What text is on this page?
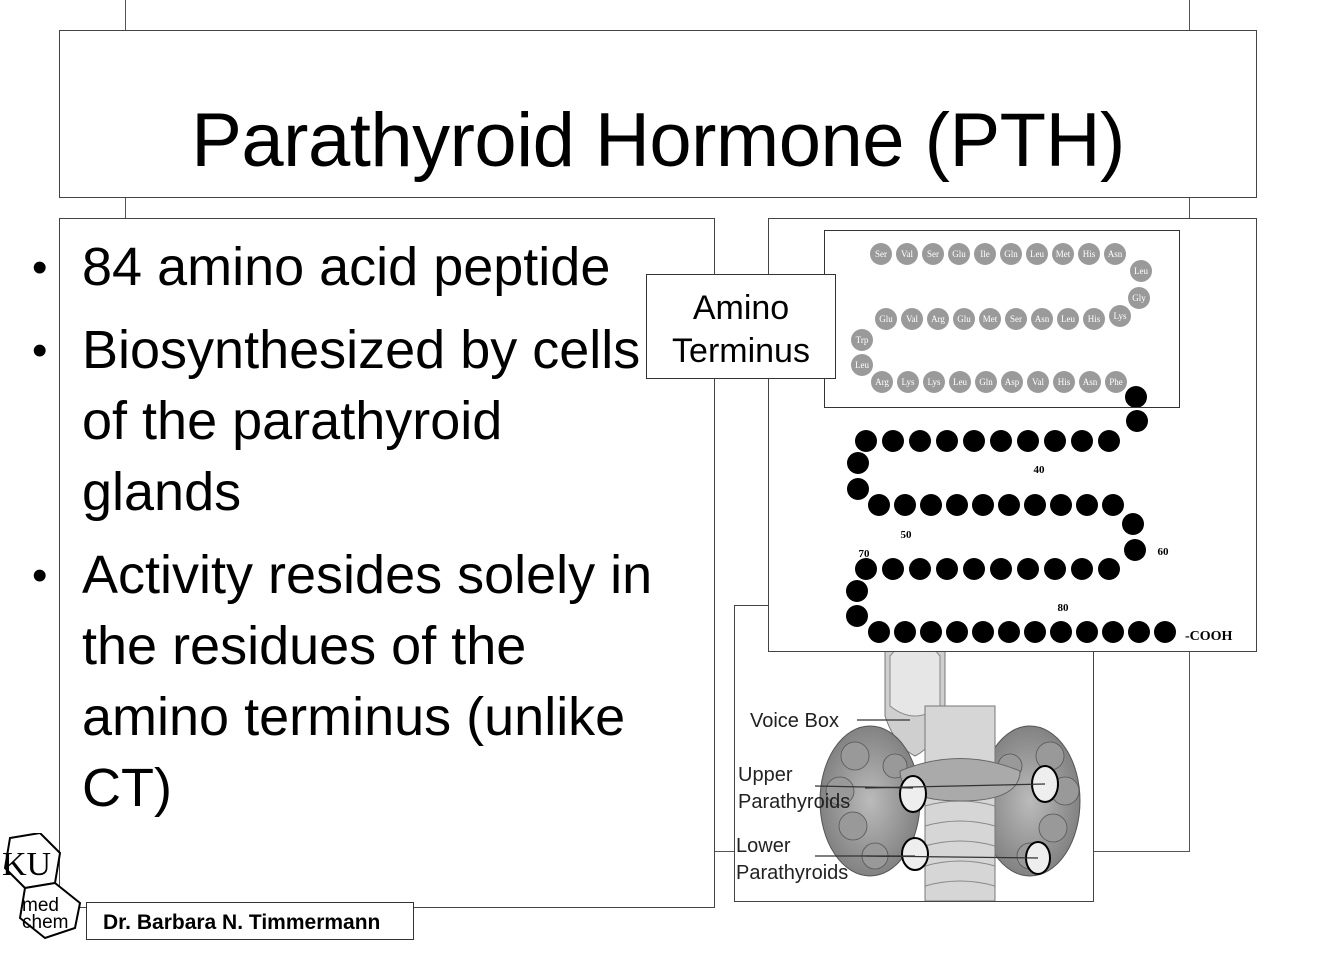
Parathyroid Hormone (PTH)
• 84 amino acid peptide
• Biosynthesized by cells of the parathyroid glands
• Activity resides solely in the residues of the amino terminus (unlike CT)
Voice Box
Upper Parathyroids
Lower Parathyroids
Ser Val Ser Glu Ile Gln Leu Met His Asn
Leu
Gly
Lys
His
Leu
Asn
Ser
Met
Glu
Arg
Val
Glu
Trp
Leu
Arg Lys Lys Leu Gln Asp Val His Asn Phe
40
50
60
70
80
-COOH
Amino Terminus
KU
med
chem Dr. Barbara N. Timmermann
